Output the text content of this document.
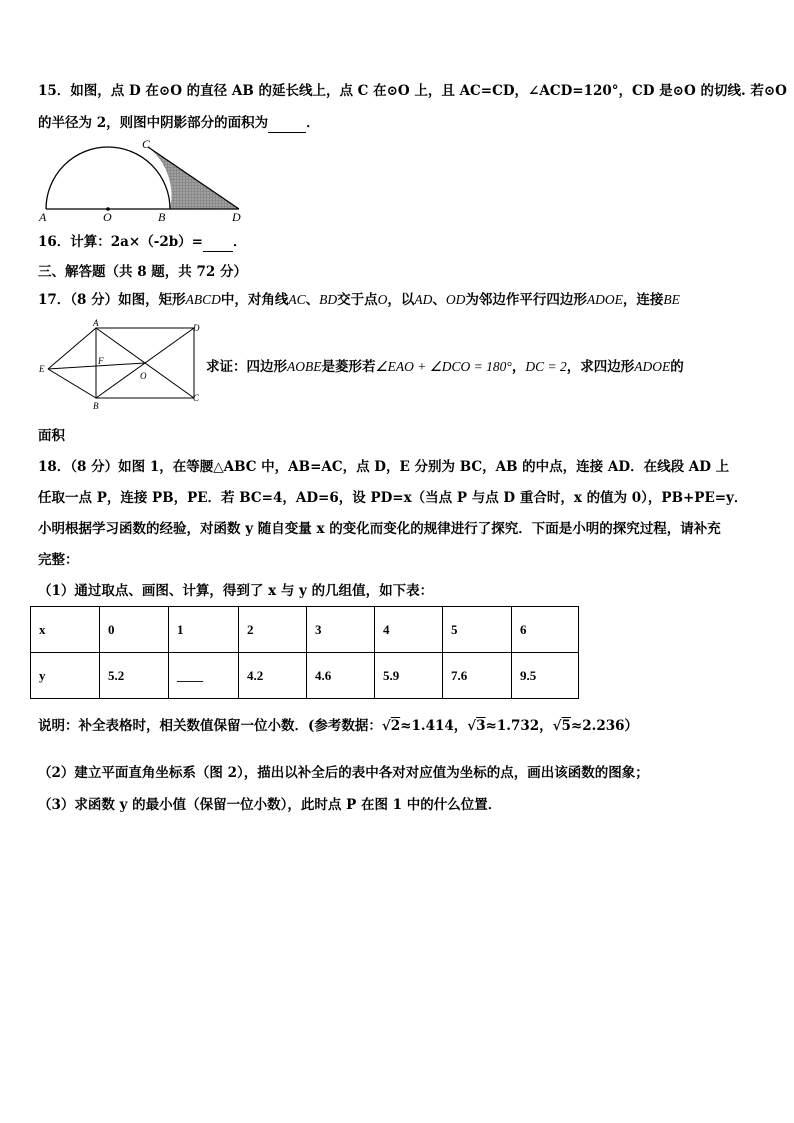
15．如图，点 D 在⊙O 的直径 AB 的延长线上，点 C 在⊙O 上，且 AC=CD，∠ACD=120°，CD 是⊙O 的切线. 若⊙O
的半径为 2，则图中阴影部分的面积为	．
A	O	B	D
C
16．计算：2a×（-2b）= ．
三、解答题（共 8 题，共 72 分）
17．（8 分）如图，矩形ABCD中，对角线AC、BD交于点O，以AD、OD为邻边作平行四边形ADOE，连接BE
A	D
E
F
O
B
C
求证：四边形AOBE是菱形若∠EAO + ∠DCO = 180°，DC = 2，求四边形ADOE的
面积
18．（8 分）如图 1，在等腰△ABC 中，AB=AC，点 D，E 分别为 BC，AB 的中点，连接 AD．在线段 AD 上
任取一点 P，连接 PB，PE．若 BC=4，AD=6，设 PD=x（当点 P 与点 D 重合时，x 的值为 0），PB+PE=y．
小明根据学习函数的经验，对函数 y 随自变量 x 的变化而变化的规律进行了探究．下面是小明的探究过程，请补充
完整：
（1）通过取点、画图、计算，得到了 x 与 y 的几组值，如下表：
x	0	1	2	3	4	5	6
y	5.2	____	4.2	4.6	5.9	7.6	9.5
说明：补全表格时，相关数值保留一位小数．(参考数据：√2≈1.414，√3≈1.732，√5≈2.236）
（2）建立平面直角坐标系（图 2），描出以补全后的表中各对对应值为坐标的点，画出该函数的图象；
（3）求函数 y 的最小值（保留一位小数），此时点 P 在图 1 中的什么位置．
